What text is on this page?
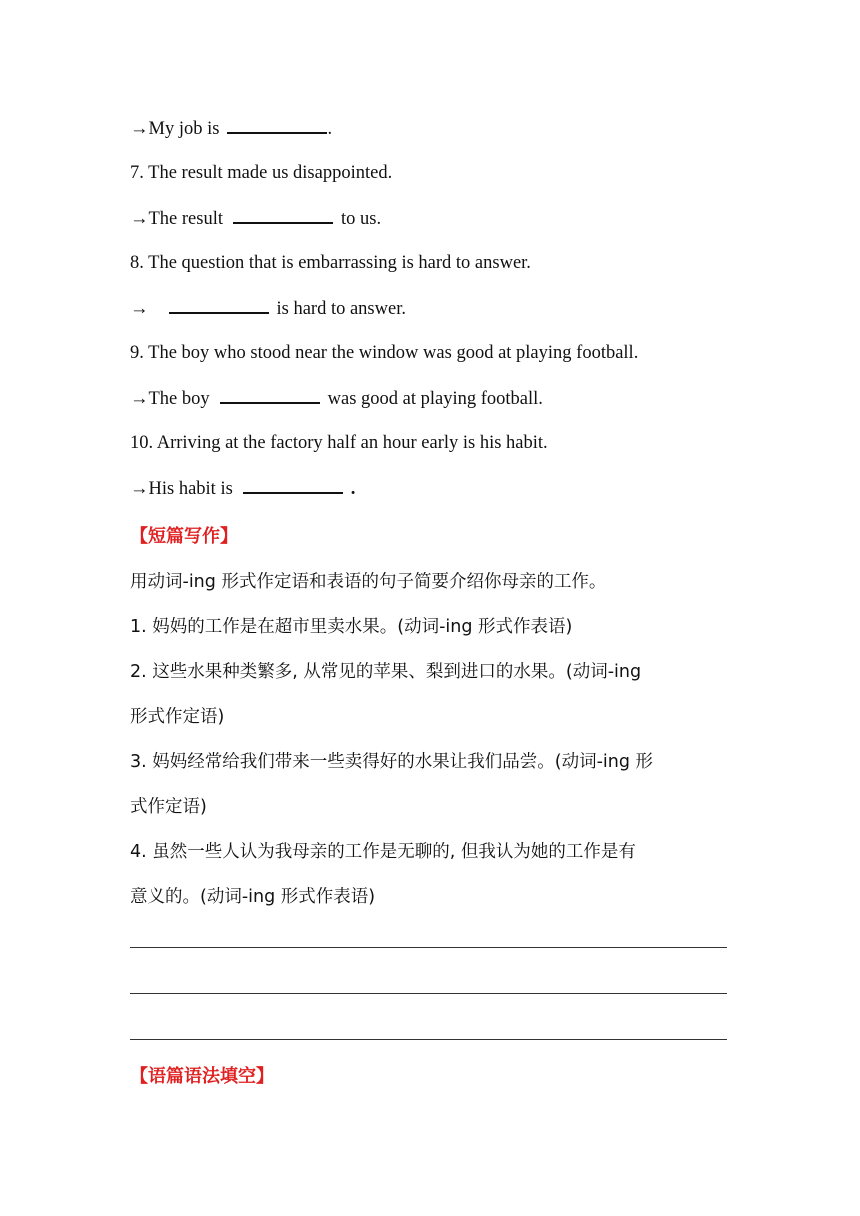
→My job is	.
7. The result made us disappointed.
→The result	to us.
8. The question that is embarrassing is hard to answer.
→	is hard to answer.
9. The boy who stood near the window was good at playing football.
→The boy	was good at playing football.
10. Arriving at the factory half an hour early is his habit.
→His habit is	.
【短篇写作】
用动词-ing 形式作定语和表语的句子简要介绍你母亲的工作。
1. 妈妈的工作是在超市里卖水果。(动词-ing 形式作表语)
2. 这些水果种类繁多, 从常见的苹果、梨到进口的水果。(动词-ing
形式作定语)
3. 妈妈经常给我们带来一些卖得好的水果让我们品尝。(动词-ing 形
式作定语)
4. 虽然一些人认为我母亲的工作是无聊的, 但我认为她的工作是有
意义的。(动词-ing 形式作表语)
【语篇语法填空】
